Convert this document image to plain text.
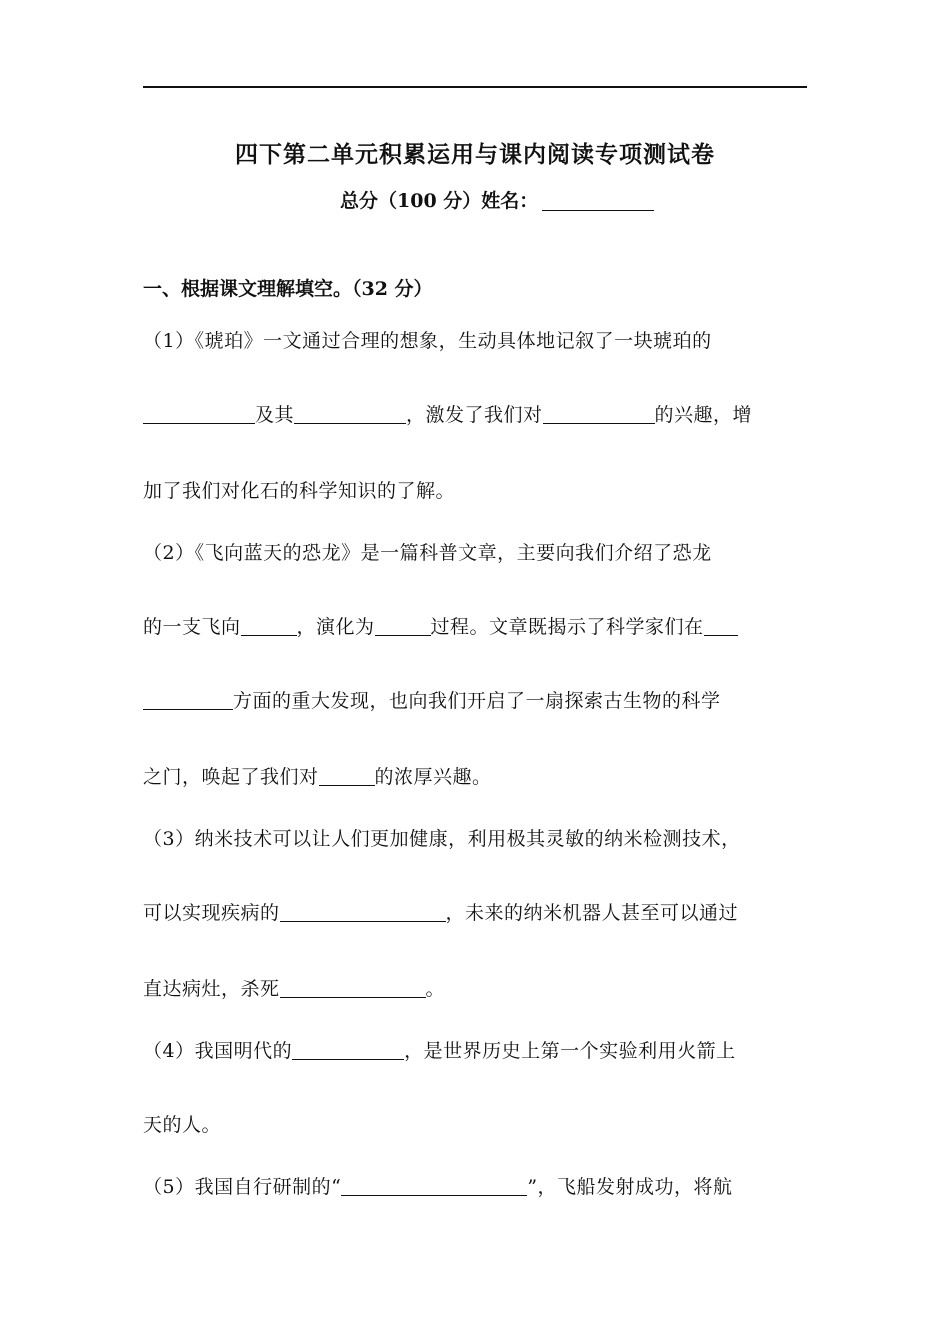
四下第二单元积累运用与课内阅读专项测试卷
总分（100 分）姓名：
一、根据课文理解填空。（32 分）
（1）《琥珀》一文通过合理的想象，生动具体地记叙了一块琥珀的
及其	，激发了我们对	的兴趣，增
加了我们对化石的科学知识的了解。
（2）《飞向蓝天的恐龙》是一篇科普文章，主要向我们介绍了恐龙
的一支飞向	，演化为	过程。文章既揭示了科学家们在
方面的重大发现，也向我们开启了一扇探索古生物的科学
之门，唤起了我们对	的浓厚兴趣。
（3）纳米技术可以让人们更加健康，利用极其灵敏的纳米检测技术，
可以实现疾病的	，未来的纳米机器人甚至可以通过
直达病灶，杀死	。
（4）我国明代的	，是世界历史上第一个实验利用火箭上
天的人。
（5）我国自行研制的“	”，飞船发射成功，将航
